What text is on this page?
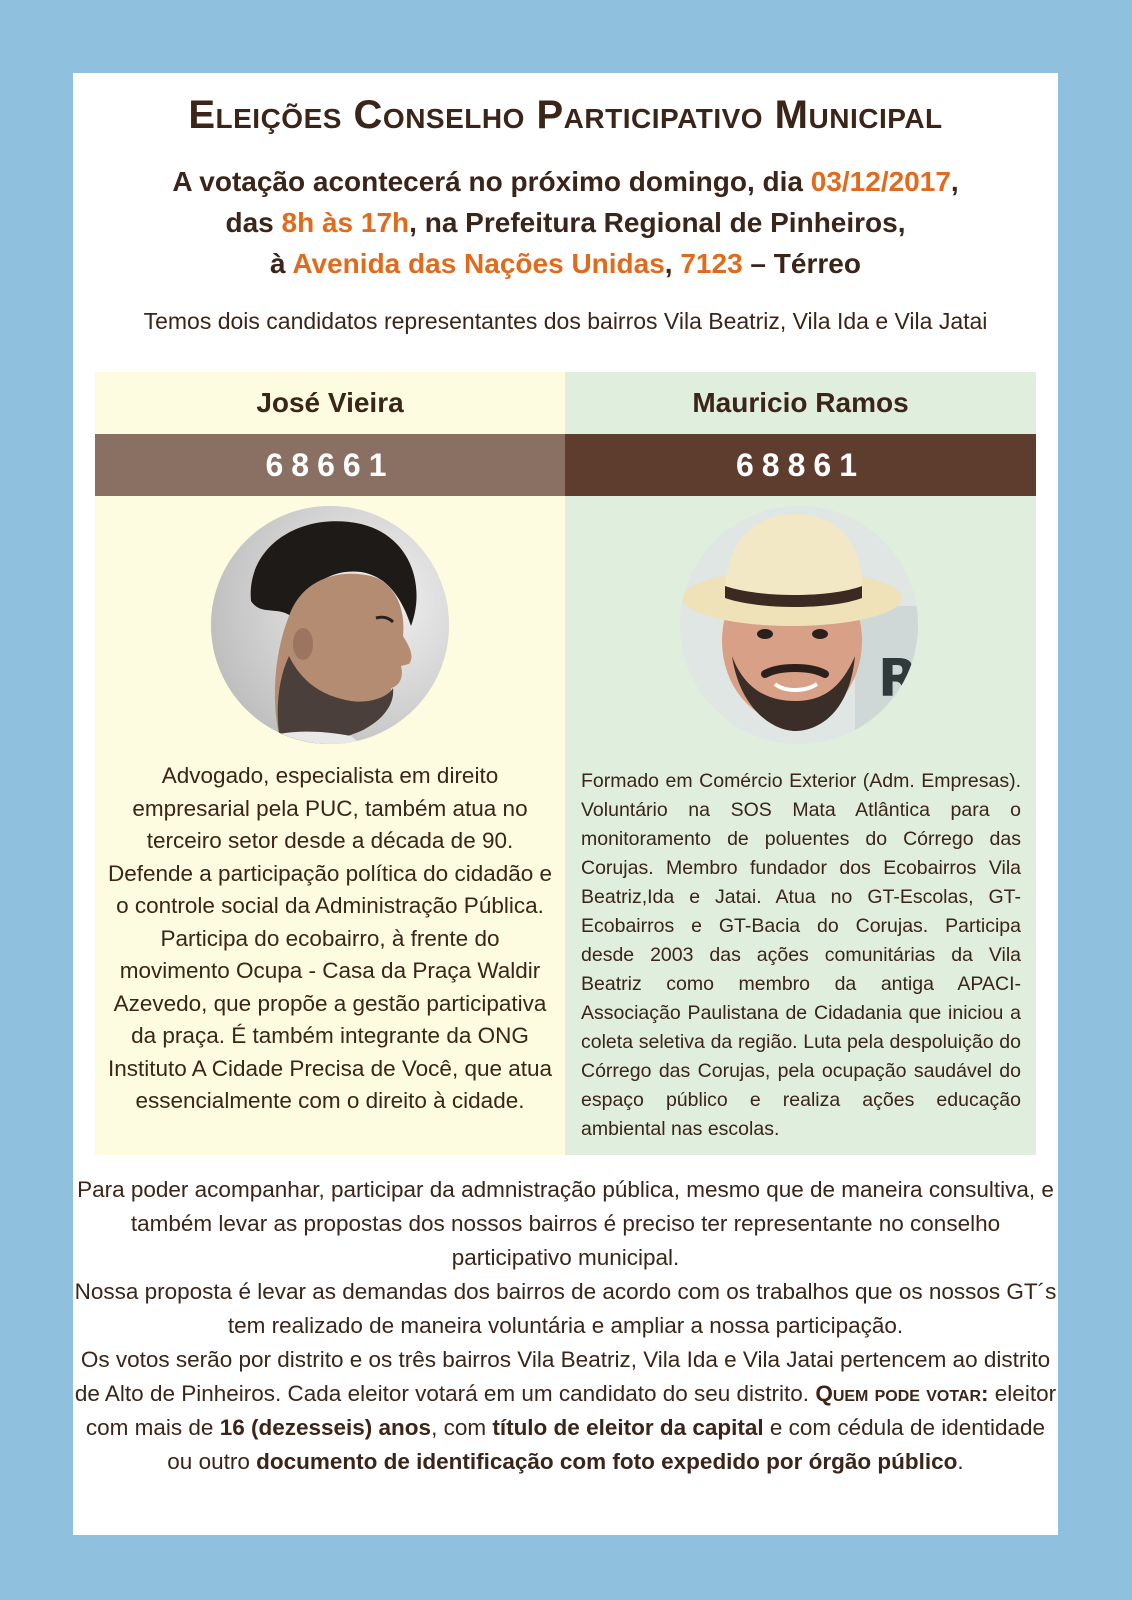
Eleições Conselho Participativo Municipal

A votação acontecerá no próximo domingo, dia 03/12/2017,
das 8h às 17h, na Prefeitura Regional de Pinheiros,
à Avenida das Nações Unidas, 7123 – Térreo

Temos dois candidatos representantes dos bairros Vila Beatriz, Vila Ida e Vila Jatai

José Vieira
68661

Advogado, especialista em direito empresarial pela PUC, também atua no terceiro setor desde a década de 90. Defende a participação política do cidadão e o controle social da Administração Pública. Participa do ecobairro, à frente do movimento Ocupa - Casa da Praça Waldir Azevedo, que propõe a gestão participativa da praça. É também integrante da ONG Instituto A Cidade Precisa de Você, que atua essencialmente com o direito à cidade.

Mauricio Ramos
68861
R

Formado em Comércio Exterior (Adm. Empresas). Voluntário na SOS Mata Atlântica para o monitoramento de poluentes do Córrego das Corujas. Membro fundador dos Ecobairros Vila Beatriz,Ida e Jatai. Atua no GT-Escolas, GT-Ecobairros e GT-Bacia do Corujas. Participa desde 2003 das ações comunitárias da Vila Beatriz como membro da antiga APACI-Associação Paulistana de Cidadania que iniciou a coleta seletiva da região. Luta pela despoluição do Córrego das Corujas, pela ocupação saudável do espaço público e realiza ações educação ambiental nas escolas.

Para poder acompanhar, participar da admnistração pública, mesmo que de maneira consultiva, e também levar as propostas dos nossos bairros é preciso ter representante no conselho participativo municipal.
Nossa proposta é levar as demandas dos bairros de acordo com os trabalhos que os nossos GT´s tem realizado de maneira voluntária e ampliar a nossa participação.
Os votos serão por distrito e os três bairros Vila Beatriz, Vila Ida e Vila Jatai pertencem ao distrito de Alto de Pinheiros. Cada eleitor votará em um candidato do seu distrito. Quem pode votar: eleitor com mais de 16 (dezesseis) anos, com título de eleitor da capital e com cédula de identidade ou outro documento de identificação com foto expedido por órgão público.
